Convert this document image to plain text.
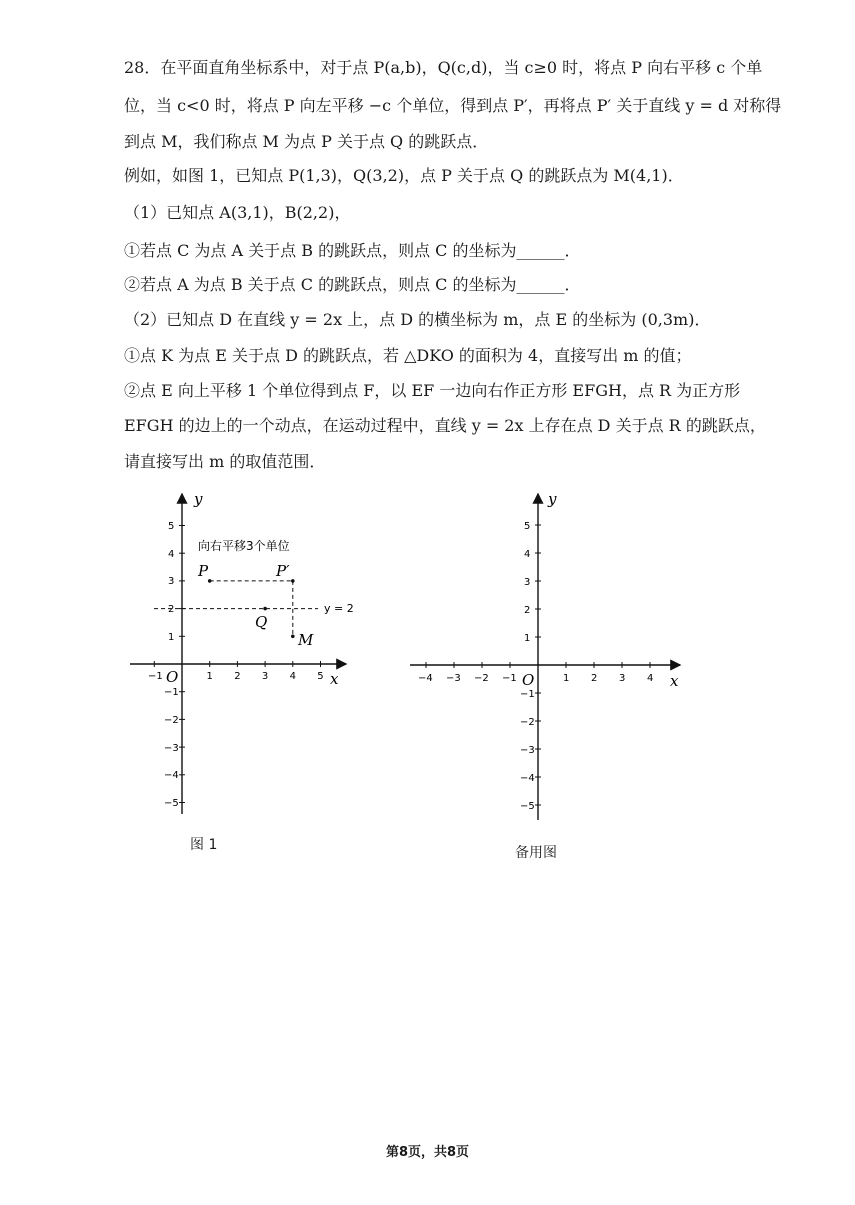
28．在平面直角坐标系中，对于点 P(a,b)，Q(c,d)，当 c≥0 时，将点 P 向右平移 c 个单
位，当 c<0 时，将点 P 向左平移 −c 个单位，得到点 P′，再将点 P′ 关于直线 y = d 对称得
到点 M，我们称点 M 为点 P 关于点 Q 的跳跃点．
例如，如图 1，已知点 P(1,3)，Q(3,2)，点 P 关于点 Q 的跳跃点为 M(4,1)．
（1）已知点 A(3,1)，B(2,2)，
①若点 C 为点 A 关于点 B 的跳跃点，则点 C 的坐标为______．
②若点 A 为点 B 关于点 C 的跳跃点，则点 C 的坐标为______．
（2）已知点 D 在直线 y = 2x 上，点 D 的横坐标为 m，点 E 的坐标为 (0,3m)．
①点 K 为点 E 关于点 D 的跳跃点，若 △DKO 的面积为 4，直接写出 m 的值；
②点 E 向上平移 1 个单位得到点 F，以 EF 一边向右作正方形 EFGH，点 R 为正方形
EFGH 的边上的一个动点，在运动过程中，直线 y = 2x 上存在点 D 关于点 R 的跳跃点，
请直接写出 m 的取值范围．
x
y
O
−1	1 2 3 4 5
5
4
3
2
1
−1
−2
−3
−4
−5
向右平移3个单位
y = 2
P	P′
Q
M
图 1
x
y
O
−4 −3 −2 −1	1 2 3 4
5
4
3
2
1
−1
−2
−3
−4
−5
备用图
第8页，共8页
